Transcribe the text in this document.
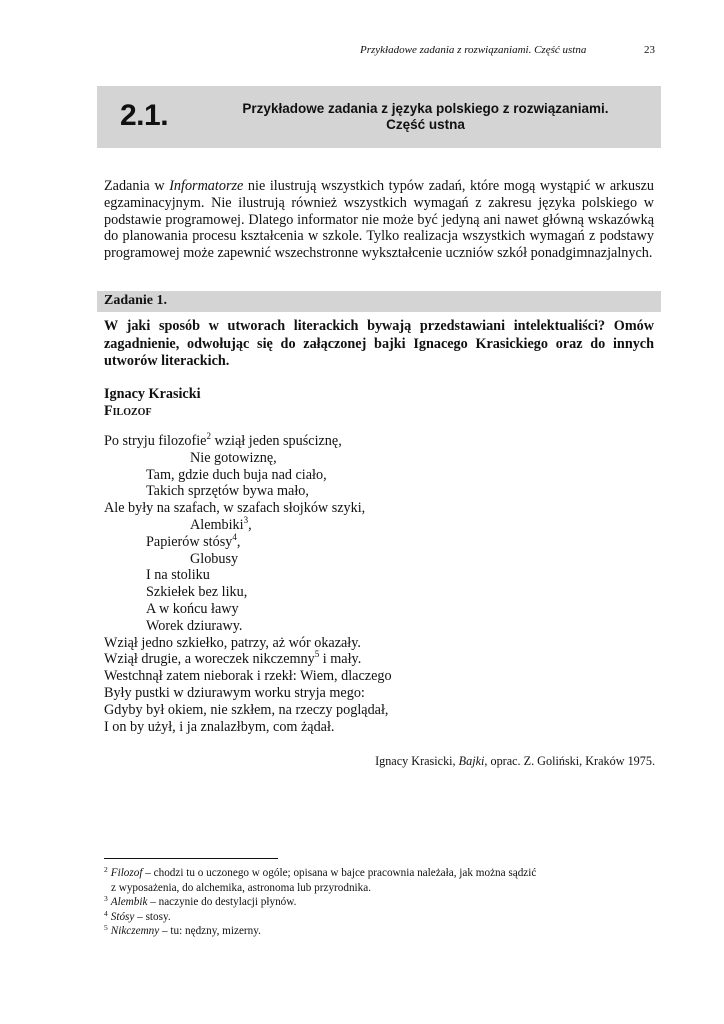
Przykładowe zadania z rozwiązaniami. Część ustna	23
2.1.	Przykładowe zadania z języka polskiego z rozwiązaniami.
Część ustna
Zadania w Informatorze nie ilustrują wszystkich typów zadań, które mogą wystąpić w arkuszu egzaminacyjnym. Nie ilustrują również wszystkich wymagań z zakresu języka polskiego w podstawie programowej. Dlatego informator nie może być jedyną ani nawet główną wskazówką do planowania procesu kształcenia w szkole. Tylko realizacja wszystkich wymagań z podstawy programowej może zapewnić wszechstronne wykształcenie uczniów szkół ponadgimnazjalnych.
Zadanie 1.
W jaki sposób w utworach literackich bywają przedstawiani intelektualiści? Omów zagadnienie, odwołując się do załączonej bajki Ignacego Krasickiego oraz do innych utworów literackich.
Ignacy Krasicki
Filozof
Po stryju filozofie$^2$ wziął jeden spuściznę,
Nie gotowiznę,
Tam, gdzie duch buja nad ciało,
Takich sprzętów bywa mało,
Ale były na szafach, w szafach słojków szyki,
Alembiki$^3$,
Papierów stósy$^4$,
Globusy
I na stoliku
Szkiełek bez liku,
A w końcu ławy
Worek dziurawy.
Wziął jedno szkiełko, patrzy, aż wór okazały.
Wziął drugie, a woreczek nikczemny$^5$ i mały.
Westchnął zatem nieborak i rzekł: Wiem, dlaczego
Były pustki w dziurawym worku stryja mego:
Gdyby był okiem, nie szkłem, na rzeczy poglądał,
I on by użył, i ja znalazłbym, com żądał.
Ignacy Krasicki, Bajki, oprac. Z. Goliński, Kraków 1975.
$^2$ Filozof – chodzi tu o uczonego w ogóle; opisana w bajce pracownia należała, jak można sądzić
z wyposażenia, do alchemika, astronoma lub przyrodnika.
$^3$ Alembik – naczynie do destylacji płynów.
$^4$ Stósy – stosy.
$^5$ Nikczemny – tu: nędzny, mizerny.
